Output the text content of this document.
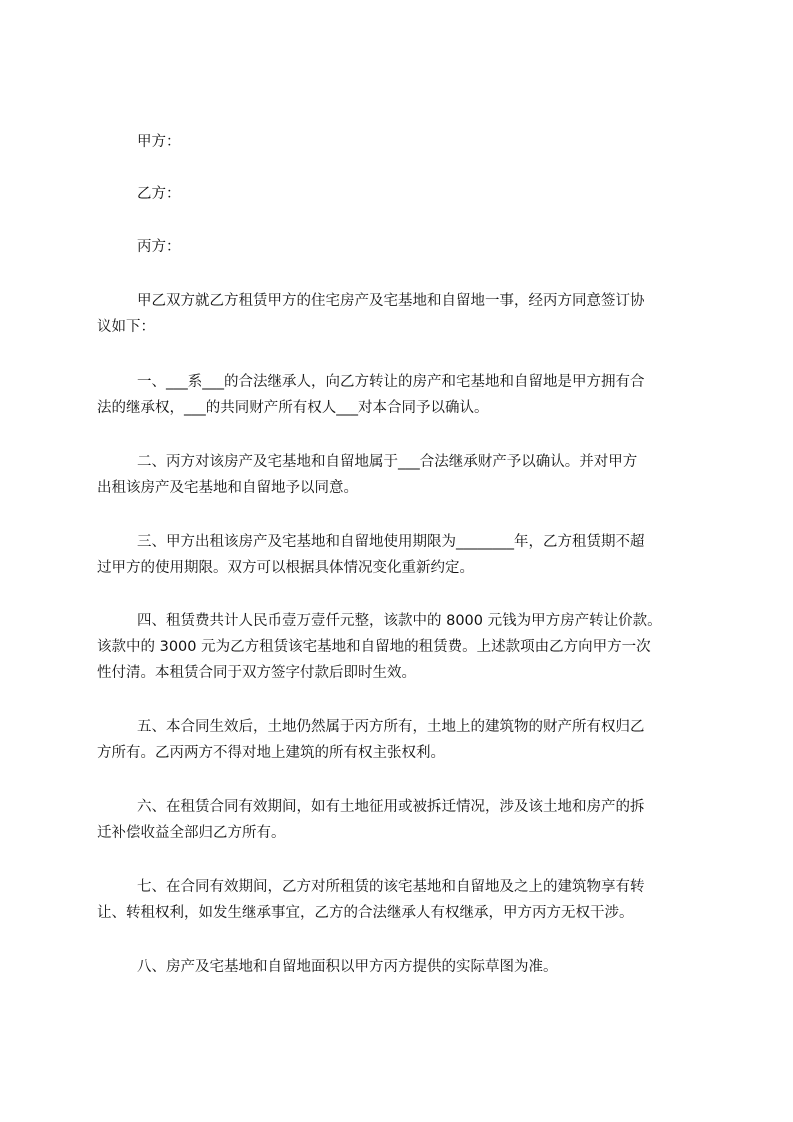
甲方：
乙方：
丙方：
甲乙双方就乙方租赁甲方的住宅房产及宅基地和自留地一事，经丙方同意签订协
议如下：
一、___系___的合法继承人，向乙方转让的房产和宅基地和自留地是甲方拥有合
法的继承权，___的共同财产所有权人___对本合同予以确认。
二、丙方对该房产及宅基地和自留地属于___合法继承财产予以确认。并对甲方
出租该房产及宅基地和自留地予以同意。
三、甲方出租该房产及宅基地和自留地使用期限为________年，乙方租赁期不超
过甲方的使用期限。双方可以根据具体情况变化重新约定。
四、租赁费共计人民币壹万壹仟元整，该款中的 8000 元钱为甲方房产转让价款。
该款中的 3000 元为乙方租赁该宅基地和自留地的租赁费。上述款项由乙方向甲方一次
性付清。本租赁合同于双方签字付款后即时生效。
五、本合同生效后，土地仍然属于丙方所有，土地上的建筑物的财产所有权归乙
方所有。乙丙两方不得对地上建筑的所有权主张权利。
六、在租赁合同有效期间，如有土地征用或被拆迁情况，涉及该土地和房产的拆
迁补偿收益全部归乙方所有。
七、在合同有效期间，乙方对所租赁的该宅基地和自留地及之上的建筑物享有转
让、转租权利，如发生继承事宜，乙方的合法继承人有权继承，甲方丙方无权干涉。
八、房产及宅基地和自留地面积以甲方丙方提供的实际草图为准。
